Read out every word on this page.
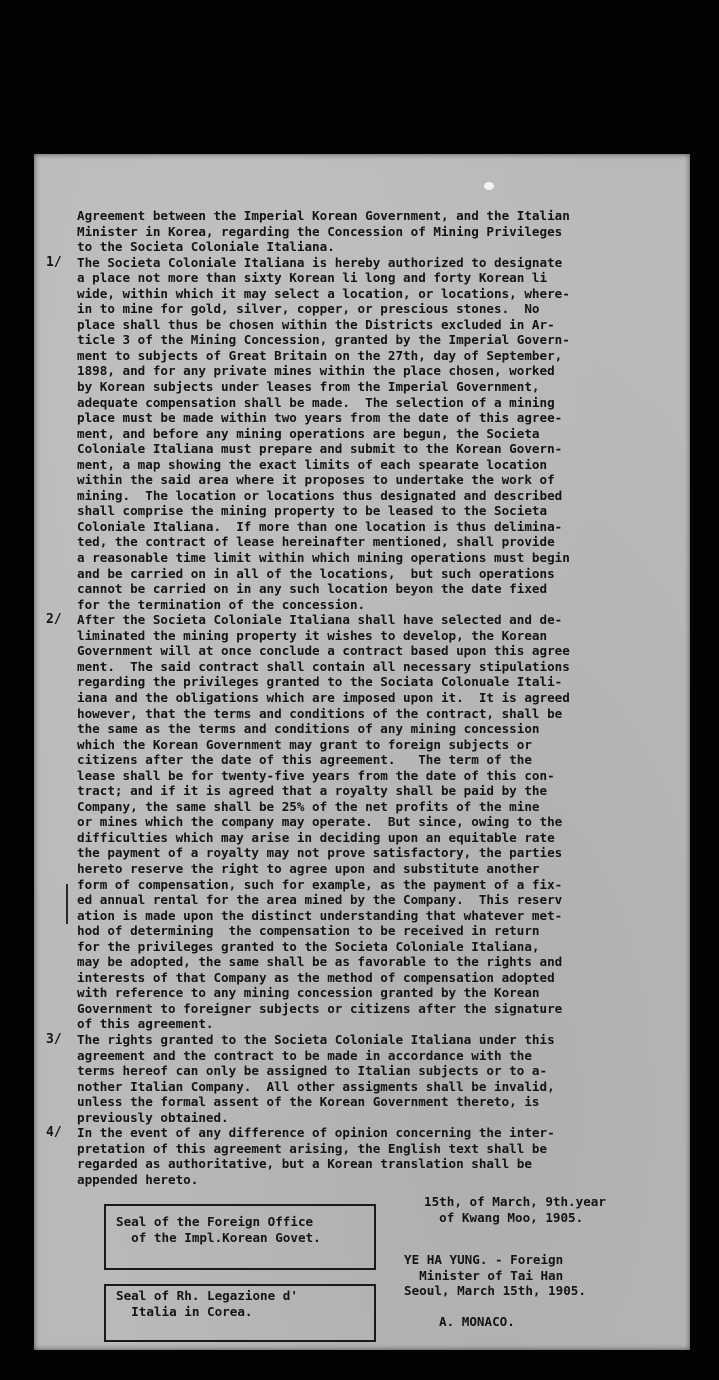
Agreement between the Imperial Korean Government, and the Italian
Minister in Korea, regarding the Concession of Mining Privileges
to the Societa Coloniale Italiana.
The Societa Coloniale Italiana is hereby authorized to designate
a place not more than sixty Korean li long and forty Korean li
wide, within which it may select a location, or locations, where-
in to mine for gold, silver, copper, or prescious stones.  No
place shall thus be chosen within the Districts excluded in Ar-
ticle 3 of the Mining Concession, granted by the Imperial Govern-
ment to subjects of Great Britain on the 27th, day of September,
1898, and for any private mines within the place chosen, worked
by Korean subjects under leases from the Imperial Government,
adequate compensation shall be made.  The selection of a mining
place must be made within two years from the date of this agree-
ment, and before any mining operations are begun, the Societa
Coloniale Italiana must prepare and submit to the Korean Govern-
ment, a map showing the exact limits of each spearate location
within the said area where it proposes to undertake the work of
mining.  The location or locations thus designated and described
shall comprise the mining property to be leased to the Societa
Coloniale Italiana.  If more than one location is thus delimina-
ted, the contract of lease hereinafter mentioned, shall provide
a reasonable time limit within which mining operations must begin
and be carried on in all of the locations,  but such operations
cannot be carried on in any such location beyon the date fixed
for the termination of the concession.
After the Societa Coloniale Italiana shall have selected and de-
liminated the mining property it wishes to develop, the Korean
Government will at once conclude a contract based upon this agree
ment.  The said contract shall contain all necessary stipulations
regarding the privileges granted to the Sociata Colonuale Itali-
iana and the obligations which are imposed upon it.  It is agreed
however, that the terms and conditions of the contract, shall be
the same as the terms and conditions of any mining concession
which the Korean Government may grant to foreign subjects or
citizens after the date of this agreement.   The term of the
lease shall be for twenty-five years from the date of this con-
tract; and if it is agreed that a royalty shall be paid by the
Company, the same shall be 25% of the net profits of the mine
or mines which the company may operate.  But since, owing to the
difficulties which may arise in deciding upon an equitable rate
the payment of a royalty may not prove satisfactory, the parties
hereto reserve the right to agree upon and substitute another
form of compensation, such for example, as the payment of a fix-
ed annual rental for the area mined by the Company.  This reserv
ation is made upon the distinct understanding that whatever met-
hod of determining  the compensation to be received in return
for the privileges granted to the Societa Coloniale Italiana,
may be adopted, the same shall be as favorable to the rights and
interests of that Company as the method of compensation adopted
with reference to any mining concession granted by the Korean
Government to foreigner subjects or citizens after the signature
of this agreement.
The rights granted to the Societa Coloniale Italiana under this
agreement and the contract to be made in accordance with the
terms hereof can only be assigned to Italian subjects or to a-
nother Italian Company.  All other assigments shall be invalid,
unless the formal assent of the Korean Government thereto, is
previously obtained.
In the event of any difference of opinion concerning the inter-
pretation of this agreement arising, the English text shall be
regarded as authoritative, but a Korean translation shall be
appended hereto.
15th, of March, 9th.year
of Kwang Moo, 1905.
Seal of the Foreign Office
of the Impl.Korean Govet.
Seal of Rh. Legazione d'
Italia in Corea.
YE HA YUNG. - Foreign
Minister of Tai Han
Seoul, March 15th, 1905.
A. MONACO.
1/
2/
3/
4/
